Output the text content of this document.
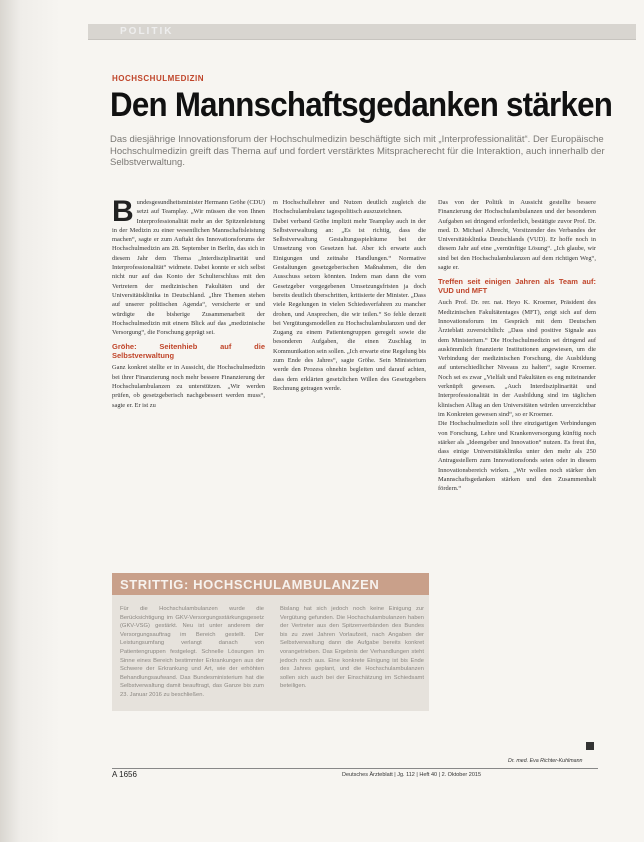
POLITIK
HOCHSCHULMEDIZIN
Den Mannschaftsgedanken stärken
Das diesjährige Innovationsforum der Hochschulmedizin beschäftigte sich mit „Interprofessionalität“. Der Europäische Hochschulmedizin greift das Thema auf und fordert verstärktes Mitspracherecht für die Interaktion, auch innerhalb der Selbstverwaltung.
B undesgesundheitsminister Hermann Gröhe (CDU) setzt auf Teamplay. „Wir müssen die von Ihnen Interprofessionalität mehr an der Spitzenleistung in der Medizin zu einer wesentlichen Mannschaftsleistung machen“, sagte er zum Auftakt des Innovationsforums der Hochschulmedizin am 28. September in Berlin, das sich in diesem Jahr dem Thema „Interdisziplinarität und Interprofessionalität“ widmete. Dabei konnte er sich selbst nicht nur auf das Konto der Schulterschluss mit den Vertretern der medizinischen Fakultäten und der Universitätsklinika in Deutschland. „Ihre Themen stehen auf unserer politischen Agenda“, versicherte er und würdigte die bisherige Zusammenarbeit der Hochschulmedizin mit einem Blick auf das „medizinische Versorgung“, die Forschung geprägt sei.

Gröhe: Seitenhieb auf die Selbstverwaltung

Ganz konkret stellte er in Aussicht, die Hochschulmedizin bei ihrer Finanzierung noch mehr bessere Finanzierung der Hochschulambulanzen zu unterstützen. „Wir werden prüfen, ob gesetzgeberisch nachgebessert werden muss“, sagte er. Er ist zu

m Hochschullehrer und Nutzen deutlich zugleich die Hochschulambulanz tagespolitisch auszuzeichnen.

Dabei verband Gröhe implizit mehr Teamplay auch in der Selbstverwaltung an: „Es ist richtig, dass die Selbstverwaltung Gestaltungsspielräume bei der Umsetzung von Gesetzen hat. Aber ich erwarte auch Einigungen und zeitnahe Handlungen.“ Normative Gestaltungen gesetzgeberischen Maßnahmen, die den Ausschuss setzen könnten. Indem man dann die vom Gesetzgeber vorgegebenen Umsetzungsfristen ja doch bereits deutlich überschritten, kritisierte der Minister. „Dass viele Regelungen in vielen Schiedsverfahren zu mancher drohen, und Ansprechen, die wir teilen.“ So fehle derzeit bei Vergütungsmodellen zu Hochschulambulanzen und der Zugang zu einem Patientengruppen geregelt sowie die besonderen Aufgaben, die einen Zuschlag in Kommunikation sein sollen. „Ich erwarte eine Regelung bis zum Ende des Jahres“, sagte Gröhe. Sein Ministerium werde den Prozess ohnehin begleiten und darauf achten, dass dem erklärten gesetzlichen Willen des Gesetzgebers Rechnung getragen werde.

Das von der Politik in Aussicht gestellte bessere Finanzierung der Hochschulambulanzen und der besonderen Aufgaben sei dringend erforderlich, bestätigte zuvor Prof. Dr. med. D. Michael Albrecht, Vorsitzender des Verbandes der Universitätsklinika Deutschlands (VUD). Er hoffe noch in diesem Jahr auf eine „vernünftige Lösung“. „Ich glaube, wir sind bei den Hochschulambulanzen auf dem richtigen Weg“, sagte er.

Treffen seit einigen Jahren als Team auf: VUD und MFT

Auch Prof. Dr. rer. nat. Heyo K. Kroemer, Präsident des Medizinischen Fakultätentages (MFT), zeigt sich auf dem Innovationsforum im Gespräch mit dem Deutschen Ärzteblatt zuversichtlich: „Dass sind positive Signale aus dem Ministerium.“ Die Hochschulmedizin sei dringend auf auskömmlich finanzierte Institutionen angewiesen, um die Verbindung der medizinischen Forschung, die Ausbildung auf unterschiedlicher Niveaus zu halten“, sagte Kroemer. Noch sei es zwar „Vielfalt und Fakultäten es eng miteinander verknüpft gewesen. „Auch Interdisziplinarität und Interprofessionalität in der Ausbildung sind im täglichen klinischen Alltag an den Universitäten würden unverzichtbar im Konkreten gewesen sind“, so er Kroemer.

Die Hochschulmedizin soll ihre einzigartigen Verbindungen von Forschung, Lehre und Krankenversorgung künftig noch stärker als „Ideengeber und Innovation“ nutzen. Es freut ihn, dass einige Universitätsklinika unter den mehr als 250 Antragsstellern zum Innovationsfonds seien oder in diesem Innovationsbereich wirken. „Wir wollen noch stärker den Mannschaftsgedanken stärken und den Zusammenhalt fördern.“

STRITTIG: HOCHSCHULAMBULANZEN
Für die Hochschulambulanzen wurde die Berücksichtigung im GKV-Versorgungsstärkungsgesetz (GKV-VSG) gestärkt. Neu ist unter anderem der Versorgungsauftrag im Bereich gestellt. Der Leistungsumfang verlangt danach von Patientengruppen festgelegt. Schnelle Lösungen im Sinne eines Bereich bestimmter Erkrankungen aus der Schwere der Erkrankung und Art, wie der erhöhten Behandlungsaufwand. Das Bundesministerium hat die Selbstverwaltung damit beauftragt, das Ganze bis zum 23. Januar 2016 zu beschließen.
Bislang hat sich jedoch noch keine Einigung zur Vergütung gefunden. Die Hochschulambulanzen haben der Vertreter aus den Spitzenverbänden des Bundes bis zu zwei Jahren Vorlaufzeit, nach Angaben der Selbstverwaltung dann die Aufgabe bereits konkret vorangetrieben. Das Ergebnis der Verhandlungen steht jedoch noch aus. Eine konkrete Einigung ist bis Ende des Jahres geplant, und die Hochschulambulanzen sollen sich auch bei der Einschätzung im Schiedsamt beteiligen.
Dr. med. Eva Richter-Kuhlmann
A 1656	Deutsches Ärzteblatt | Jg. 112 | Heft 40 | 2. Oktober 2015
